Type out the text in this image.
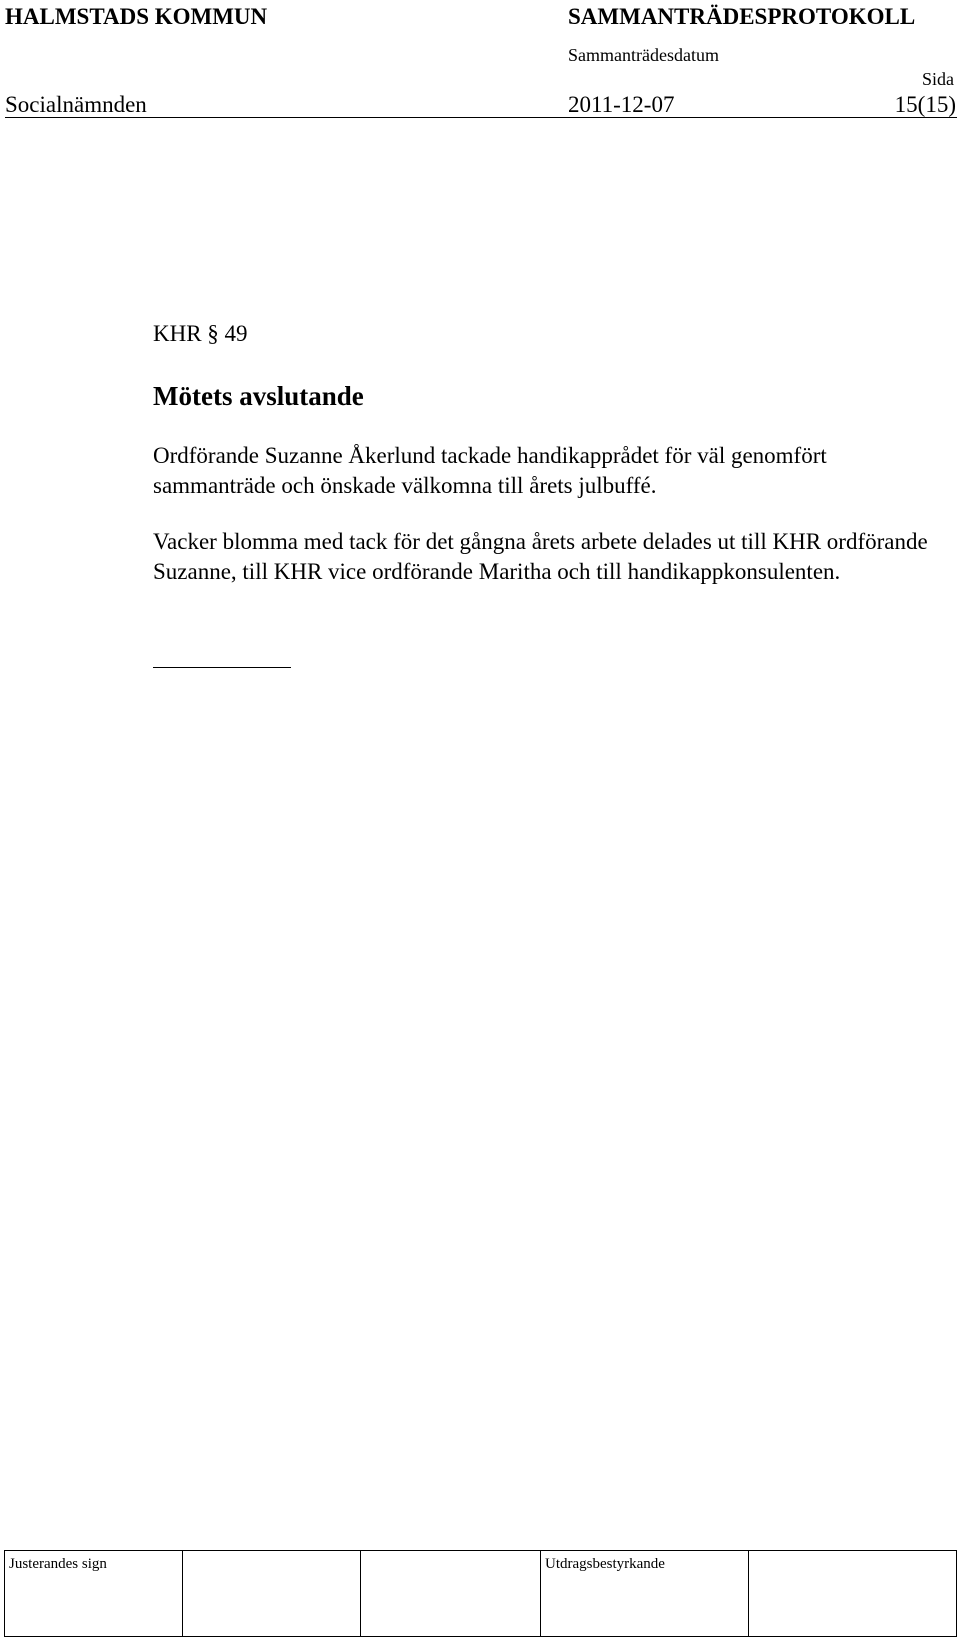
HALMSTADS KOMMUN	SAMMANTRÄDESPROTOKOLL
Sammanträdesdatum
Sida
Socialnämnden	2011-12-07	15(15)
KHR § 49
Mötets avslutande
Ordförande Suzanne Åkerlund tackade handikapprådet för väl genomfört sammanträde och önskade välkomna till årets julbuffé.
Vacker blomma med tack för det gångna årets arbete delades ut till KHR ordförande Suzanne, till KHR vice ordförande Maritha och till handikappkonsulenten.
Justerandes sign			Utdragsbestyrkande	
